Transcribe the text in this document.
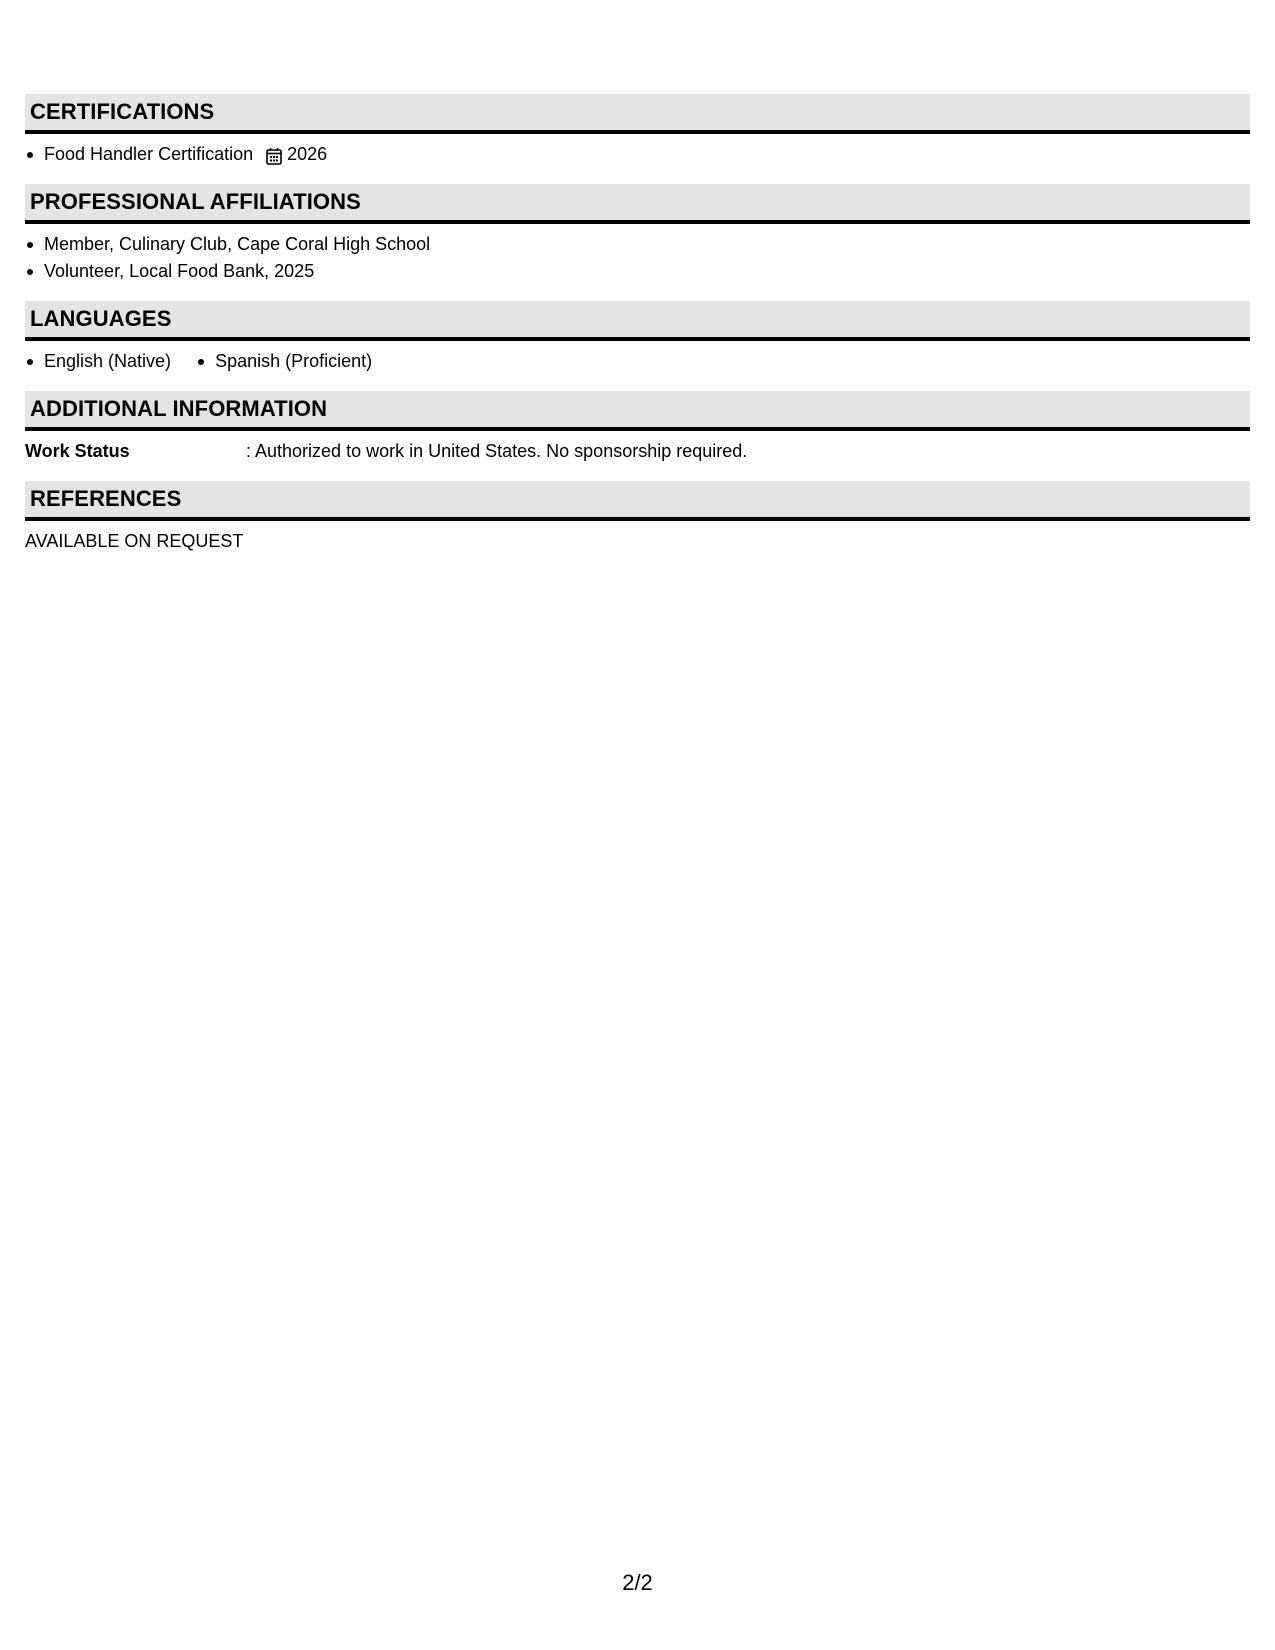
CERTIFICATIONS
Food Handler Certification 2026
PROFESSIONAL AFFILIATIONS
Member, Culinary Club, Cape Coral High School
Volunteer, Local Food Bank, 2025
LANGUAGES
English (Native) Spanish (Proficient)
ADDITIONAL INFORMATION
Work Status	: Authorized to work in United States. No sponsorship required.
REFERENCES
AVAILABLE ON REQUEST
2/2
